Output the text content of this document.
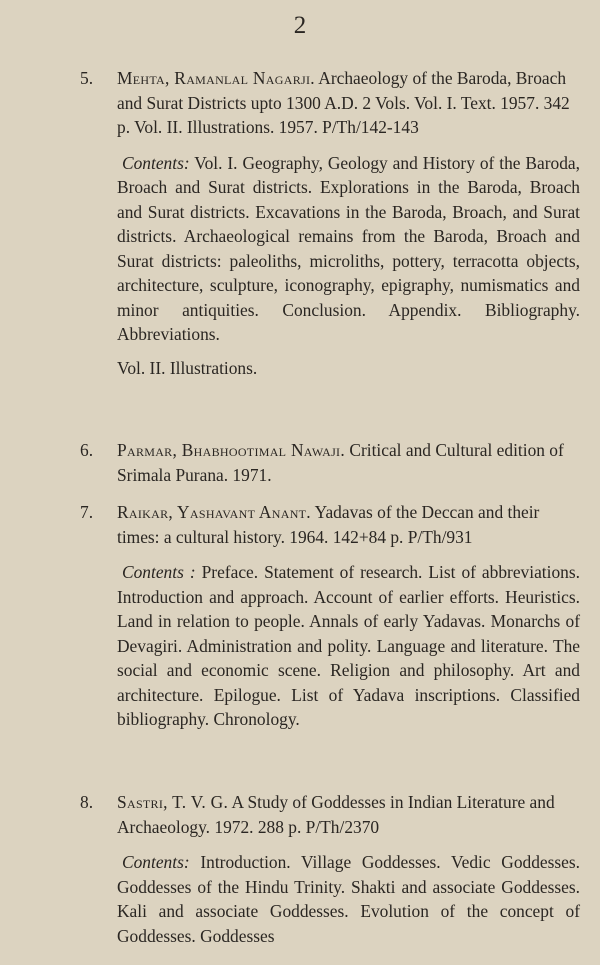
2
5.	Mehta, Ramanlal Nagarji. Archaeology of the Baroda, Broach and Surat Districts upto 1300 A.D. 2 Vols. Vol. I. Text. 1957. 342 p. Vol. II. Illustrations. 1957. P/Th/142-143
Contents: Vol. I. Geography, Geology and History of the Baroda, Broach and Surat districts. Explorations in the Baroda, Broach and Surat districts. Excavations in the Baroda, Broach, and Surat districts. Archaeological remains from the Baroda, Broach and Surat districts: paleoliths, microliths, pottery, terracotta objects, architecture, sculpture, iconography, epigraphy, numismatics and minor antiquities. Conclusion. Appendix. Bibliography. Abbreviations.
Vol. II. Illustrations.
6.	Parmar, Bhabhootimal Nawaji. Critical and Cultural edition of Srimala Purana. 1971.
7.	Raikar, Yashavant Anant. Yadavas of the Deccan and their times: a cultural history. 1964. 142+84 p. P/Th/931
Contents : Preface. Statement of research. List of abbreviations. Introduction and approach. Account of earlier efforts. Heuristics. Land in relation to people. Annals of early Yadavas. Monarchs of Devagiri. Administration and polity. Language and literature. The social and economic scene. Religion and philosophy. Art and architecture. Epilogue. List of Yadava inscriptions. Classified bibliography. Chronology.
8.	Sastri, T. V. G. A Study of Goddesses in Indian Literature and Archaeology. 1972. 288 p. P/Th/2370
Contents: Introduction. Village Goddesses. Vedic Goddesses. Goddesses of the Hindu Trinity. Shakti and associate Goddesses. Kali and associate Goddesses. Evolution of the concept of Goddesses. Goddesses
